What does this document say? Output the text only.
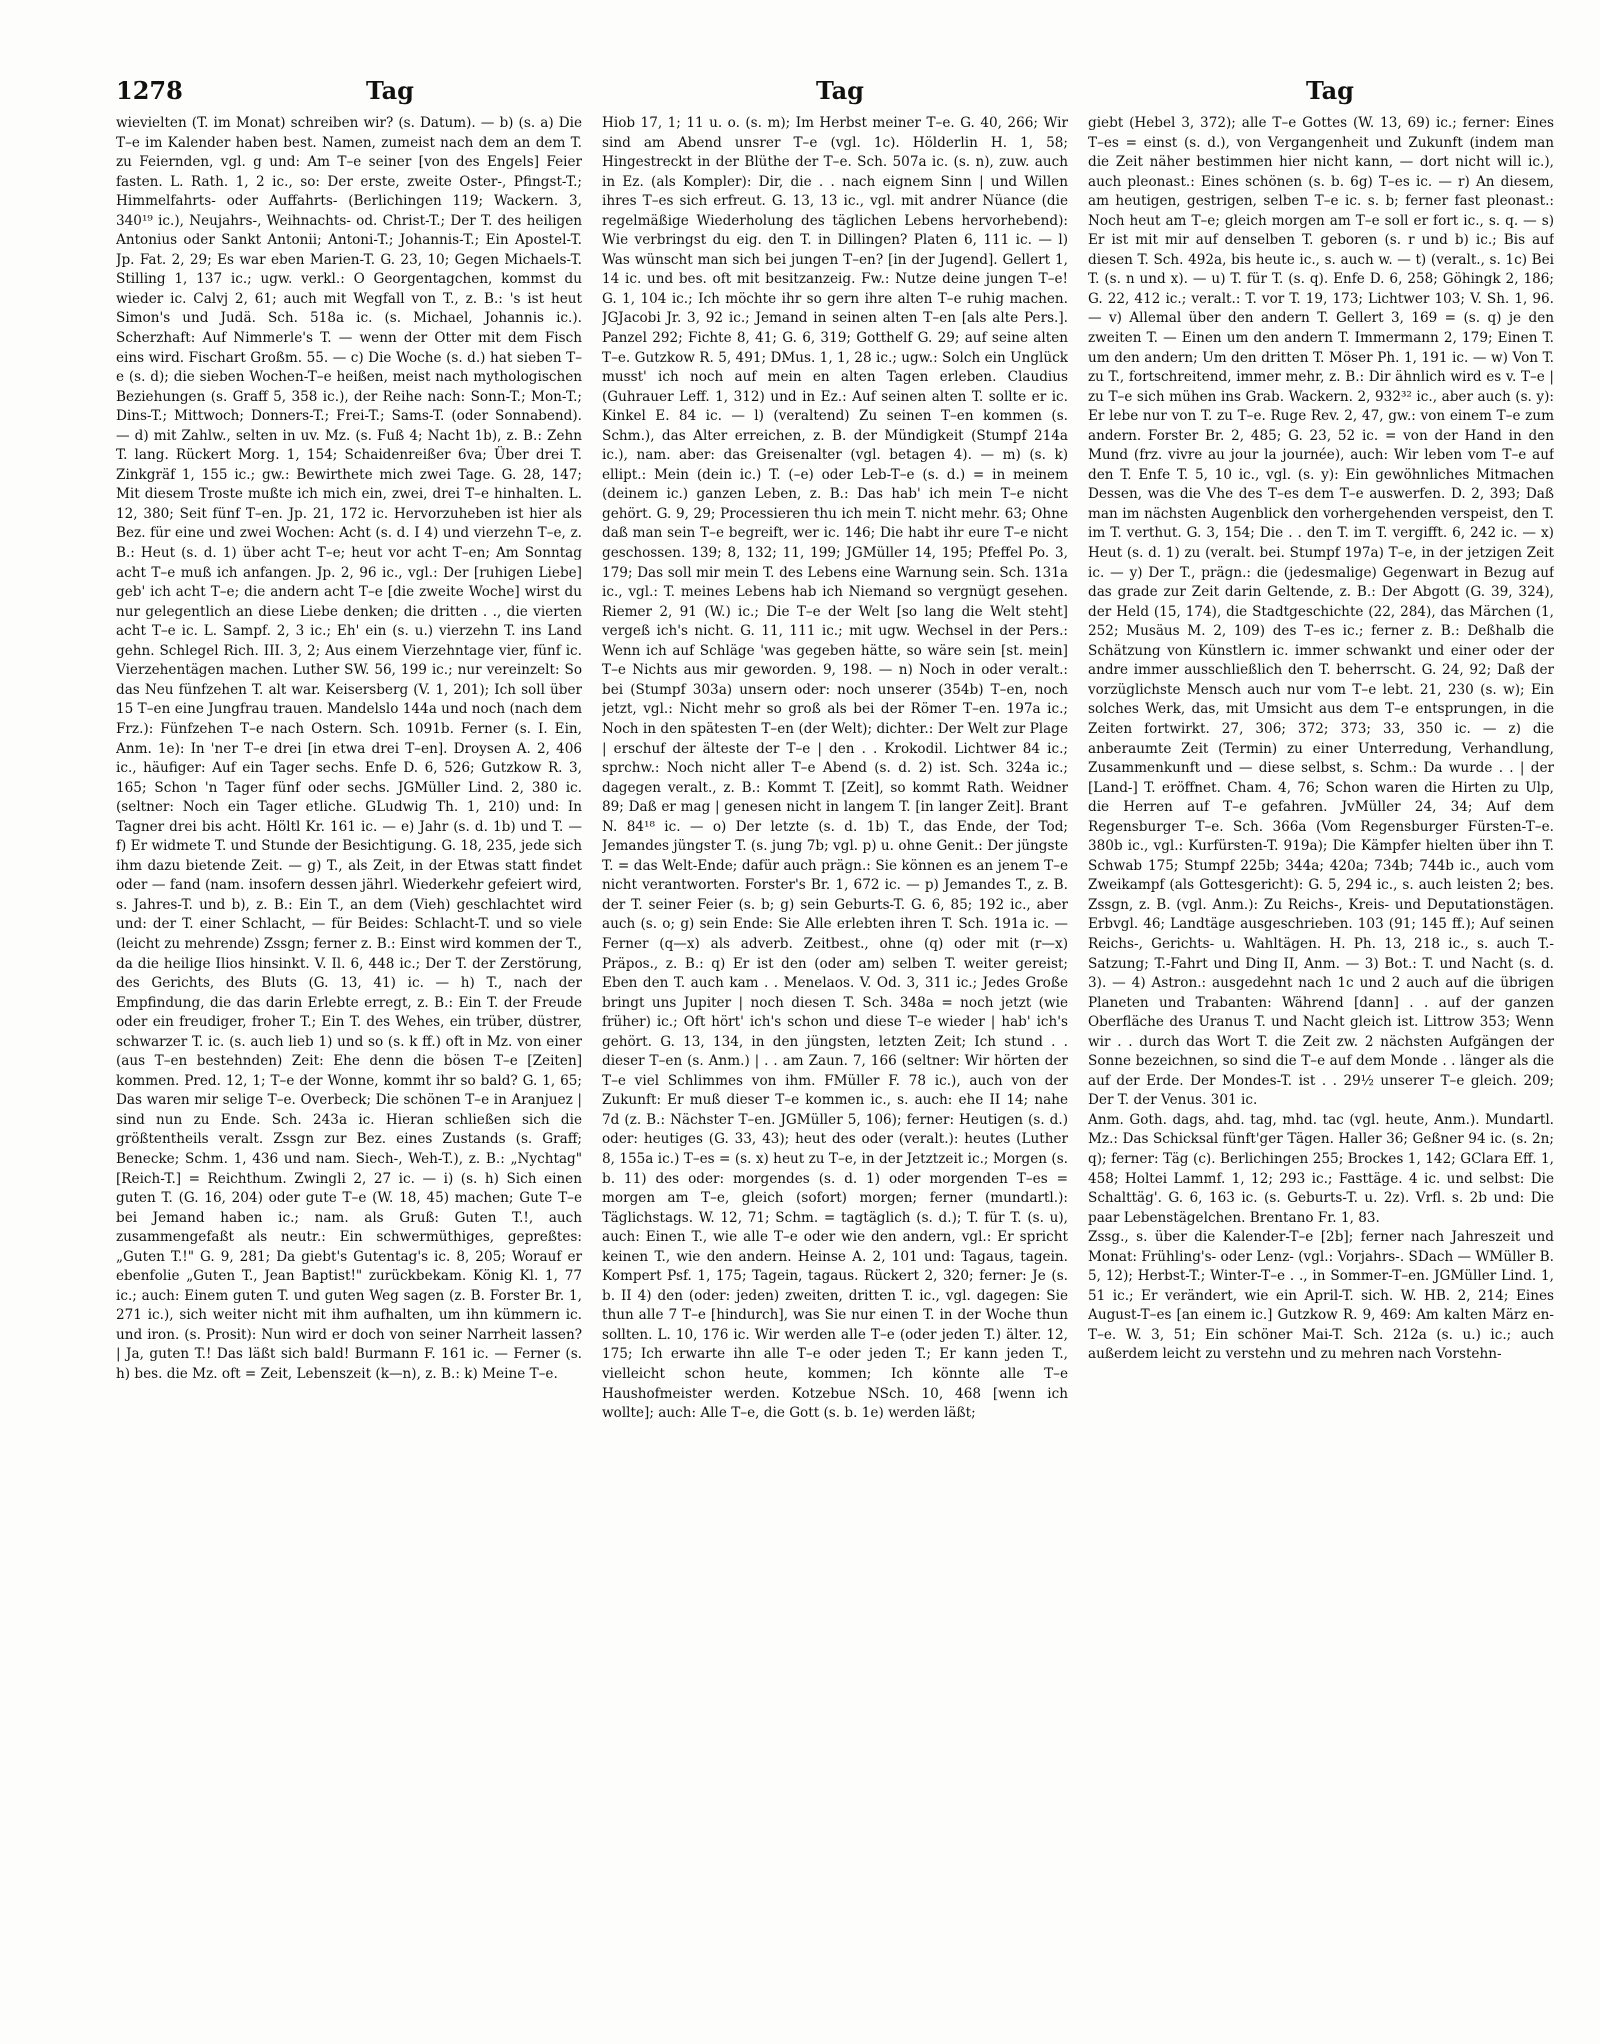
1278	Tag	Tag	Tag

wievielten (T. im Monat) schreiben wir? (s. Datum). — b) (s. a) Die T–e im Kalender haben best. Namen, zumeist nach dem an dem T. zu Feiernden, vgl. g und: Am T–e seiner [von des Engels] Feier fasten. L. Rath. 1, 2 ic., so: Der erste, zweite Oster-, Pfingst-T.; Himmelfahrts- oder Auffahrts- (Berlichingen 119; Wackern. 3, 340¹⁹ ic.), Neujahrs-, Weihnachts- od. Christ-T.; Der T. des heiligen Antonius oder Sankt Antonii; Antoni-T.; Johannis-T.; Ein Apostel-T. Jp. Fat. 2, 29; Es war eben Marien-T. G. 23, 10; Gegen Michaels-T. Stilling 1, 137 ic.; ugw. verkl.: O Georgentagchen, kommst du wieder ic. Calvj 2, 61; auch mit Wegfall von T., z. B.: 's ist heut Simon's und Judä. Sch. 518a ic. (s. Michael, Johannis ic.). Scherzhaft: Auf Nimmerle's T. — wenn der Otter mit dem Fisch eins wird. Fischart Großm. 55. — c) Die Woche (s. d.) hat sieben T–e (s. d); die sieben Wochen-T–e heißen, meist nach mythologischen Beziehungen (s. Graff 5, 358 ic.), der Reihe nach: Sonn-T.; Mon-T.; Dins-T.; Mittwoch; Donners-T.; Frei-T.; Sams-T. (oder Sonnabend). — d) mit Zahlw., selten in uv. Mz. (s. Fuß 4; Nacht 1b), z. B.: Zehn T. lang. Rückert Morg. 1, 154; Schaidenreißer 6va; Über drei T. Zinkgräf 1, 155 ic.; gw.: Bewirthete mich zwei Tage. G. 28, 147; Mit diesem Troste mußte ich mich ein, zwei, drei T–e hinhalten. L. 12, 380; Seit fünf T–en. Jp. 21, 172 ic. Hervorzuheben ist hier als Bez. für eine und zwei Wochen: Acht (s. d. I 4) und vierzehn T–e, z. B.: Heut (s. d. 1) über acht T–e; heut vor acht T–en; Am Sonntag acht T–e muß ich anfangen. Jp. 2, 96 ic., vgl.: Der [ruhigen Liebe] geb' ich acht T–e; die andern acht T–e [die zweite Woche] wirst du nur gelegentlich an diese Liebe denken; die dritten . ., die vierten acht T–e ic. L. Sampf. 2, 3 ic.; Eh' ein (s. u.) vierzehn T. ins Land gehn. Schlegel Rich. III. 3, 2; Aus einem Vierzehntage vier, fünf ic. Vierzehentägen machen. Luther SW. 56, 199 ic.; nur vereinzelt: So das Neu fünfzehen T. alt war. Keisersberg (V. 1, 201); Ich soll über 15 T–en eine Jungfrau trauen. Mandelslo 144a und noch (nach dem Frz.): Fünfzehen T–e nach Ostern. Sch. 1091b. Ferner (s. I. Ein, Anm. 1e): In 'ner T–e drei [in etwa drei T–en]. Droysen A. 2, 406 ic., häufiger: Auf ein Tager sechs. Enfe D. 6, 526; Gutzkow R. 3, 165; Schon 'n Tager fünf oder sechs. JGMüller Lind. 2, 380 ic. (seltner: Noch ein Tager etliche. GLudwig Th. 1, 210) und: In Tagner drei bis acht. Höltl Kr. 161 ic. — e) Jahr (s. d. 1b) und T. — f) Er widmete T. und Stunde der Besichtigung. G. 18, 235, jede sich ihm dazu bietende Zeit. — g) T., als Zeit, in der Etwas statt findet oder — fand (nam. insofern dessen jährl. Wiederkehr gefeiert wird, s. Jahres-T. und b), z. B.: Ein T., an dem (Vieh) geschlachtet wird und: der T. einer Schlacht, — für Beides: Schlacht-T. und so viele (leicht zu mehrende) Zssgn; ferner z. B.: Einst wird kommen der T., da die heilige Ilios hinsinkt. V. Il. 6, 448 ic.; Der T. der Zerstörung, des Gerichts, des Bluts (G. 13, 41) ic. — h) T., nach der Empfindung, die das darin Erlebte erregt, z. B.: Ein T. der Freude oder ein freudiger, froher T.; Ein T. des Wehes, ein trüber, düstrer, schwarzer T. ic. (s. auch lieb 1) und so (s. k ff.) oft in Mz. von einer (aus T–en bestehnden) Zeit: Ehe denn die bösen T–e [Zeiten] kommen. Pred. 12, 1; T–e der Wonne, kommt ihr so bald? G. 1, 65; Das waren mir selige T–e. Overbeck; Die schönen T–e in Aranjuez | sind nun zu Ende. Sch. 243a ic. Hieran schließen sich die größtentheils veralt. Zssgn zur Bez. eines Zustands (s. Graff; Benecke; Schm. 1, 436 und nam. Siech-, Weh-T.), z. B.: „Nychtag" [Reich-T.] = Reichthum. Zwingli 2, 27 ic. — i) (s. h) Sich einen guten T. (G. 16, 204) oder gute T–e (W. 18, 45) machen; Gute T–e bei Jemand haben ic.; nam. als Gruß: Guten T.!, auch zusammengefaßt als neutr.: Ein schwermüthiges, gepreßtes: „Guten T.!" G. 9, 281; Da giebt's Gutentag's ic. 8, 205; Worauf er ebenfolie „Guten T., Jean Baptist!" zurückbekam. König Kl. 1, 77 ic.; auch: Einem guten T. und guten Weg sagen (z. B. Forster Br. 1, 271 ic.), sich weiter nicht mit ihm aufhalten, um ihn kümmern ic. und iron. (s. Prosit): Nun wird er doch von seiner Narrheit lassen? | Ja, guten T.! Das läßt sich bald! Burmann F. 161 ic. — Ferner (s. h) bes. die Mz. oft = Zeit, Lebenszeit (k—n), z. B.: k) Meine T–e.

Hiob 17, 1; 11 u. o. (s. m); Im Herbst meiner T–e. G. 40, 266; Wir sind am Abend unsrer T–e (vgl. 1c). Hölderlin H. 1, 58; Hingestreckt in der Blüthe der T–e. Sch. 507a ic. (s. n), zuw. auch in Ez. (als Kompler): Dir, die . . nach eignem Sinn | und Willen ihres T–es sich erfreut. G. 13, 13 ic., vgl. mit andrer Nüance (die regelmäßige Wiederholung des täglichen Lebens hervorhebend): Wie verbringst du eig. den T. in Dillingen? Platen 6, 111 ic. — l) Was wünscht man sich bei jungen T–en? [in der Jugend]. Gellert 1, 14 ic. und bes. oft mit besitzanzeig. Fw.: Nutze deine jungen T–e! G. 1, 104 ic.; Ich möchte ihr so gern ihre alten T–e ruhig machen. JGJacobi Jr. 3, 92 ic.; Jemand in seinen alten T–en [als alte Pers.]. Panzel 292; Fichte 8, 41; G. 6, 319; Gotthelf G. 29; auf seine alten T–e. Gutzkow R. 5, 491; DMus. 1, 1, 28 ic.; ugw.: Solch ein Unglück musst' ich noch auf mein en alten Tagen erleben. Claudius (Guhrauer Leff. 1, 312) und in Ez.: Auf seinen alten T. sollte er ic. Kinkel E. 84 ic. — l) (veraltend) Zu seinen T–en kommen (s. Schm.), das Alter erreichen, z. B. der Mündigkeit (Stumpf 214a ic.), nam. aber: das Greisenalter (vgl. betagen 4). — m) (s. k) ellipt.: Mein (dein ic.) T. (–e) oder Leb-T–e (s. d.) = in meinem (deinem ic.) ganzen Leben, z. B.: Das hab' ich mein T–e nicht gehört. G. 9, 29; Processieren thu ich mein T. nicht mehr. 63; Ohne daß man sein T–e begreift, wer ic. 146; Die habt ihr eure T–e nicht geschossen. 139; 8, 132; 11, 199; JGMüller 14, 195; Pfeffel Po. 3, 179; Das soll mir mein T. des Lebens eine Warnung sein. Sch. 131a ic., vgl.: T. meines Lebens hab ich Niemand so vergnügt gesehen. Riemer 2, 91 (W.) ic.; Die T–e der Welt [so lang die Welt steht] vergeß ich's nicht. G. 11, 111 ic.; mit ugw. Wechsel in der Pers.: Wenn ich auf Schläge 'was gegeben hätte, so wäre sein [st. mein] T–e Nichts aus mir geworden. 9, 198. — n) Noch in oder veralt.: bei (Stumpf 303a) unsern oder: noch unserer (354b) T–en, noch jetzt, vgl.: Nicht mehr so groß als bei der Römer T–en. 197a ic.; Noch in den spätesten T–en (der Welt); dichter.: Der Welt zur Plage | erschuf der älteste der T–e | den . . Krokodil. Lichtwer 84 ic.; sprchw.: Noch nicht aller T–e Abend (s. d. 2) ist. Sch. 324a ic.; dagegen veralt., z. B.: Kommt T. [Zeit], so kommt Rath. Weidner 89; Daß er mag | genesen nicht in langem T. [in langer Zeit]. Brant N. 84¹⁸ ic. — o) Der letzte (s. d. 1b) T., das Ende, der Tod; Jemandes jüngster T. (s. jung 7b; vgl. p) u. ohne Genit.: Der jüngste T. = das Welt-Ende; dafür auch prägn.: Sie können es an jenem T–e nicht verantworten. Forster's Br. 1, 672 ic. — p) Jemandes T., z. B. der T. seiner Feier (s. b; g) sein Geburts-T. G. 6, 85; 192 ic., aber auch (s. o; g) sein Ende: Sie Alle erlebten ihren T. Sch. 191a ic. — Ferner (q—x) als adverb. Zeitbest., ohne (q) oder mit (r—x) Präpos., z. B.: q) Er ist den (oder am) selben T. weiter gereist; Eben den T. auch kam . . Menelaos. V. Od. 3, 311 ic.; Jedes Große bringt uns Jupiter | noch diesen T. Sch. 348a = noch jetzt (wie früher) ic.; Oft hört' ich's schon und diese T–e wieder | hab' ich's gehört. G. 13, 134, in den jüngsten, letzten Zeit; Ich stund . . dieser T–en (s. Anm.) | . . am Zaun. 7, 166 (seltner: Wir hörten der T–e viel Schlimmes von ihm. FMüller F. 78 ic.), auch von der Zukunft: Er muß dieser T–e kommen ic., s. auch: ehe II 14; nahe 7d (z. B.: Nächster T–en. JGMüller 5, 106); ferner: Heutigen (s. d.) oder: heutiges (G. 33, 43); heut des oder (veralt.): heutes (Luther 8, 155a ic.) T–es = (s. x) heut zu T–e, in der Jetztzeit ic.; Morgen (s. b. 11) des oder: morgendes (s. d. 1) oder morgenden T–es = morgen am T–e, gleich (sofort) morgen; ferner (mundartl.): Täglichstags. W. 12, 71; Schm. = tagtäglich (s. d.); T. für T. (s. u), auch: Einen T., wie alle T–e oder wie den andern, vgl.: Er spricht keinen T., wie den andern. Heinse A. 2, 101 und: Tagaus, tagein. Kompert Psf. 1, 175; Tagein, tagaus. Rückert 2, 320; ferner: Je (s. b. II 4) den (oder: jeden) zweiten, dritten T. ic., vgl. dagegen: Sie thun alle 7 T–e [hindurch], was Sie nur einen T. in der Woche thun sollten. L. 10, 176 ic. Wir werden alle T–e (oder jeden T.) älter. 12, 175; Ich erwarte ihn alle T–e oder jeden T.; Er kann jeden T., vielleicht schon heute, kommen; Ich könnte alle T–e Haushofmeister werden. Kotzebue NSch. 10, 468 [wenn ich wollte]; auch: Alle T–e, die Gott (s. b. 1e) werden läßt;

giebt (Hebel 3, 372); alle T–e Gottes (W. 13, 69) ic.; ferner: Eines T–es = einst (s. d.), von Vergangenheit und Zukunft (indem man die Zeit näher bestimmen hier nicht kann, — dort nicht will ic.), auch pleonast.: Eines schönen (s. b. 6g) T–es ic. — r) An diesem, am heutigen, gestrigen, selben T–e ic. s. b; ferner fast pleonast.: Noch heut am T–e; gleich morgen am T–e soll er fort ic., s. q. — s) Er ist mit mir auf denselben T. geboren (s. r und b) ic.; Bis auf diesen T. Sch. 492a, bis heute ic., s. auch w. — t) (veralt., s. 1c) Bei T. (s. n und x). — u) T. für T. (s. q). Enfe D. 6, 258; Göhingk 2, 186; G. 22, 412 ic.; veralt.: T. vor T. 19, 173; Lichtwer 103; V. Sh. 1, 96. — v) Allemal über den andern T. Gellert 3, 169 = (s. q) je den zweiten T. — Einen um den andern T. Immermann 2, 179; Einen T. um den andern; Um den dritten T. Möser Ph. 1, 191 ic. — w) Von T. zu T., fortschreitend, immer mehr, z. B.: Dir ähnlich wird es v. T–e | zu T–e sich mühen ins Grab. Wackern. 2, 932³² ic., aber auch (s. y): Er lebe nur von T. zu T–e. Ruge Rev. 2, 47, gw.: von einem T–e zum andern. Forster Br. 2, 485; G. 23, 52 ic. = von der Hand in den Mund (frz. vivre au jour la journée), auch: Wir leben vom T–e auf den T. Enfe T. 5, 10 ic., vgl. (s. y): Ein gewöhnliches Mitmachen Dessen, was die Vhe des T–es dem T–e auswerfen. D. 2, 393; Daß man im nächsten Augenblick den vorhergehenden verspeist, den T. im T. verthut. G. 3, 154; Die . . den T. im T. vergifft. 6, 242 ic. — x) Heut (s. d. 1) zu (veralt. bei. Stumpf 197a) T–e, in der jetzigen Zeit ic. — y) Der T., prägn.: die (jedesmalige) Gegenwart in Bezug auf das grade zur Zeit darin Geltende, z. B.: Der Abgott (G. 39, 324), der Held (15, 174), die Stadtgeschichte (22, 284), das Märchen (1, 252; Musäus M. 2, 109) des T–es ic.; ferner z. B.: Deßhalb die Schätzung von Künstlern ic. immer schwankt und einer oder der andre immer ausschließlich den T. beherrscht. G. 24, 92; Daß der vorzüglichste Mensch auch nur vom T–e lebt. 21, 230 (s. w); Ein solches Werk, das, mit Umsicht aus dem T–e entsprungen, in die Zeiten fortwirkt. 27, 306; 372; 373; 33, 350 ic. — z) die anberaumte Zeit (Termin) zu einer Unterredung, Verhandlung, Zusammenkunft und — diese selbst, s. Schm.: Da wurde . . | der [Land-] T. eröffnet. Cham. 4, 76; Schon waren die Hirten zu Ulp, die Herren auf T–e gefahren. JvMüller 24, 34; Auf dem Regensburger T–e. Sch. 366a (Vom Regensburger Fürsten-T–e. 380b ic., vgl.: Kurfürsten-T. 919a); Die Kämpfer hielten über ihn T. Schwab 175; Stumpf 225b; 344a; 420a; 734b; 744b ic., auch vom Zweikampf (als Gottesgericht): G. 5, 294 ic., s. auch leisten 2; bes. Zssgn, z. B. (vgl. Anm.): Zu Reichs-, Kreis- und Deputationstägen. Erbvgl. 46; Landtäge ausgeschrieben. 103 (91; 145 ff.); Auf seinen Reichs-, Gerichts- u. Wahltägen. H. Ph. 13, 218 ic., s. auch T.-Satzung; T.-Fahrt und Ding II, Anm. — 3) Bot.: T. und Nacht (s. d. 3). — 4) Astron.: ausgedehnt nach 1c und 2 auch auf die übrigen Planeten und Trabanten: Während [dann] . . auf der ganzen Oberfläche des Uranus T. und Nacht gleich ist. Littrow 353; Wenn wir . . durch das Wort T. die Zeit zw. 2 nächsten Aufgängen der Sonne bezeichnen, so sind die T–e auf dem Monde . . länger als die auf der Erde. Der Mondes-T. ist . . 29½ unserer T–e gleich. 209; Der T. der Venus. 301 ic.

Anm. Goth. dags, ahd. tag, mhd. tac (vgl. heute, Anm.). Mundartl. Mz.: Das Schicksal fünft'ger Tägen. Haller 36; Geßner 94 ic. (s. 2n; q); ferner: Täg (c). Berlichingen 255; Brockes 1, 142; GClara Eff. 1, 458; Holtei Lammf. 1, 12; 293 ic.; Fasttäge. 4 ic. und selbst: Die Schalttäg'. G. 6, 163 ic. (s. Geburts-T. u. 2z). Vrfl. s. 2b und: Die paar Lebenstägelchen. Brentano Fr. 1, 83.

Zssg., s. über die Kalender-T–e [2b]; ferner nach Jahreszeit und Monat: Frühling's- oder Lenz- (vgl.: Vorjahrs-. SDach — WMüller B. 5, 12); Herbst-T.; Winter-T–e . ., in Sommer-T–en. JGMüller Lind. 1, 51 ic.; Er verändert, wie ein April-T. sich. W. HB. 2, 214; Eines August-T–es [an einem ic.] Gutzkow R. 9, 469: Am kalten März en-T–e. W. 3, 51; Ein schöner Mai-T. Sch. 212a (s. u.) ic.; auch außerdem leicht zu verstehn und zu mehren nach Vorstehn-
